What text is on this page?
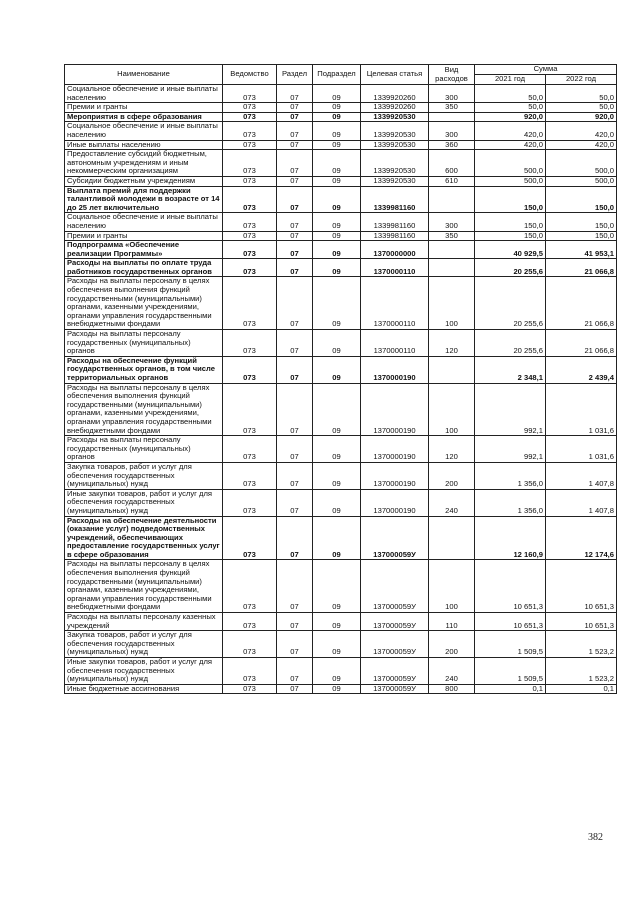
Наименование	Ведомство	Раздел	Подраздел	Целевая статья	Вид расходов	Сумма	
						2021 год	2022 год
Социальное обеспечение и иные выплаты населению	073	07	09	1339920260	300	50,0	50,0
Премии и гранты	073	07	09	1339920260	350	50,0	50,0
Мероприятия в сфере образования	073	07	09	1339920530		920,0	920,0
Социальное обеспечение и иные выплаты населению	073	07	09	1339920530	300	420,0	420,0
Иные выплаты населению	073	07	09	1339920530	360	420,0	420,0
Предоставление субсидий бюджетным, автономным учреждениям и иным некоммерческим организациям	073	07	09	1339920530	600	500,0	500,0
Субсидии бюджетным учреждениям	073	07	09	1339920530	610	500,0	500,0
Выплата премий для поддержки талантливой молодежи в возрасте от 14 до 25 лет включительно	073	07	09	1339981160		150,0	150,0
Социальное обеспечение и иные выплаты населению	073	07	09	1339981160	300	150,0	150,0
Премии и гранты	073	07	09	1339981160	350	150,0	150,0
Подпрограмма «Обеспечение реализации Программы»	073	07	09	1370000000		40 929,5	41 953,1
Расходы на выплаты по оплате труда работников государственных органов	073	07	09	1370000110		20 255,6	21 066,8
Расходы на выплаты персоналу в целях обеспечения выполнения функций государственными (муниципальными) органами, казенными учреждениями, органами управления государственными внебюджетными фондами	073	07	09	1370000110	100	20 255,6	21 066,8
Расходы на выплаты персоналу государственных (муниципальных) органов	073	07	09	1370000110	120	20 255,6	21 066,8
Расходы на обеспечение функций государственных органов, в том числе территориальных органов	073	07	09	1370000190		2 348,1	2 439,4
Расходы на выплаты персоналу в целях обеспечения выполнения функций государственными (муниципальными) органами, казенными учреждениями, органами управления государственными внебюджетными фондами	073	07	09	1370000190	100	992,1	1 031,6
Расходы на выплаты персоналу государственных (муниципальных) органов	073	07	09	1370000190	120	992,1	1 031,6
Закупка товаров, работ и услуг для обеспечения государственных (муниципальных) нужд	073	07	09	1370000190	200	1 356,0	1 407,8
Иные закупки товаров, работ и услуг для обеспечения государственных (муниципальных) нужд	073	07	09	1370000190	240	1 356,0	1 407,8
Расходы на обеспечение деятельности (оказание услуг) подведомственных учреждений, обеспечивающих предоставление государственных услуг в сфере образования	073	07	09	137000059У		12 160,9	12 174,6
Расходы на выплаты персоналу в целях обеспечения выполнения функций государственными (муниципальными) органами, казенными учреждениями, органами управления государственными внебюджетными фондами	073	07	09	137000059У	100	10 651,3	10 651,3
Расходы на выплаты персоналу казенных учреждений	073	07	09	137000059У	110	10 651,3	10 651,3
Закупка товаров, работ и услуг для обеспечения государственных (муниципальных) нужд	073	07	09	137000059У	200	1 509,5	1 523,2
Иные закупки товаров, работ и услуг для обеспечения государственных (муниципальных) нужд	073	07	09	137000059У	240	1 509,5	1 523,2
Иные бюджетные ассигнования	073	07	09	137000059У	800	0,1	0,1
382
